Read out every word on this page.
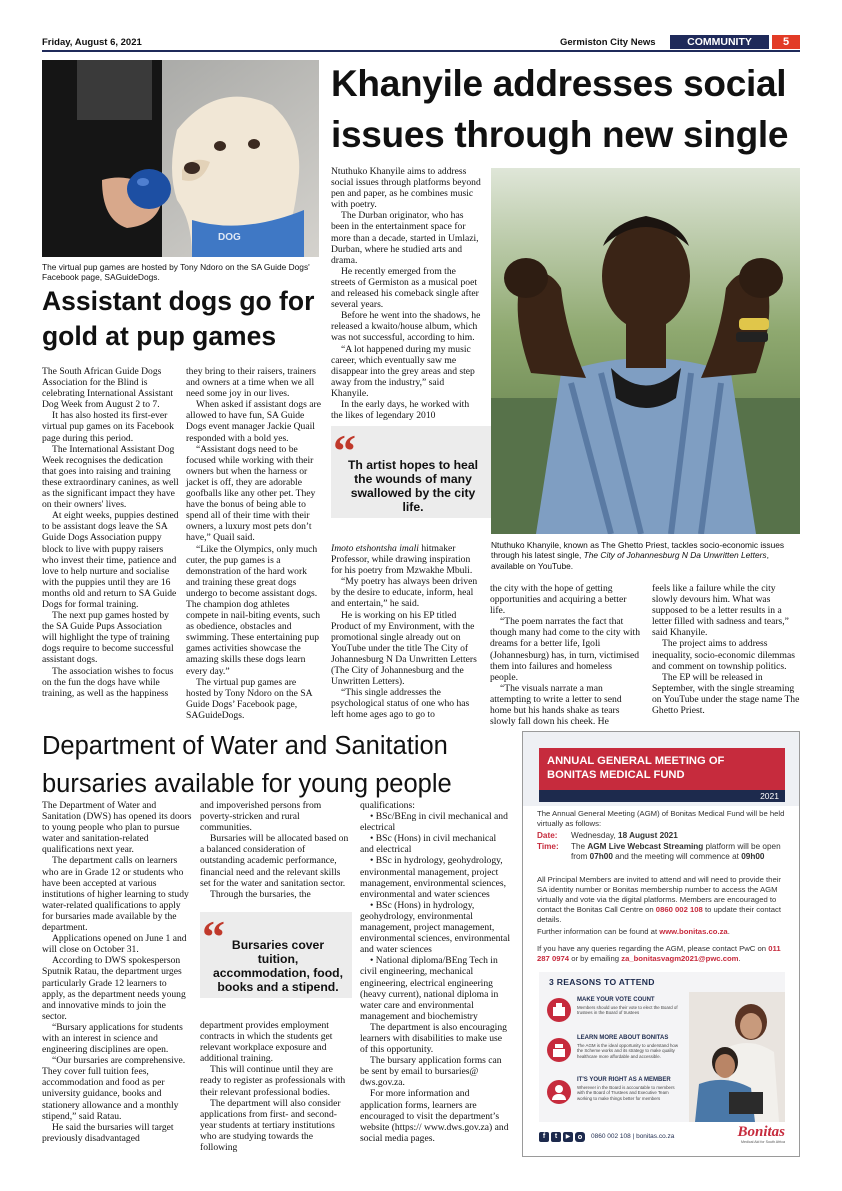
Friday, August 6, 2021	Germiston City News	COMMUNITY	5
DOG
The virtual pup games are hosted by Tony Ndoro on the SA Guide Dogs' Facebook page, SAGuideDogs.
Assistant dogs go for
gold at pup games

The South African Guide Dogs Association for the Blind is celebrating International Assistant Dog Week from August 2 to 7.

It has also hosted its first-ever virtual pup games on its Facebook page during this period.

The International Assistant Dog Week recognises the dedication that goes into raising and training these extraordinary canines, as well as the significant impact they have on their owners' lives.

At eight weeks, puppies destined to be assistant dogs leave the SA Guide Dogs Association puppy block to live with puppy raisers who invest their time, patience and love to help nurture and socialise with the puppies until they are 16 months old and return to SA Guide Dogs for formal training.

The next pup games hosted by the SA Guide Pups Association will highlight the type of training dogs require to become successful assistant dogs.

The association wishes to focus on the fun the dogs have while training, as well as the happiness

they bring to their raisers, trainers and owners at a time when we all need some joy in our lives.

When asked if assistant dogs are allowed to have fun, SA Guide Dogs event manager Jackie Quail responded with a bold yes.

“Assistant dogs need to be focused while working with their owners but when the harness or jacket is off, they are adorable goofballs like any other pet. They have the bonus of being able to spend all of their time with their owners, a luxury most pets don’t have,” Quail said.

“Like the Olympics, only much cuter, the pup games is a demonstration of the hard work and training these great dogs undergo to become assistant dogs. The champion dog athletes compete in nail-biting events, such as obedience, obstacles and swimming. These entertaining pup games activities showcase the amazing skills these dogs learn every day.”

The virtual pup games are hosted by Tony Ndoro on the SA Guide Dogs’ Facebook page, SAGuideDogs.

Khanyile addresses social
issues through new single

Ntuthuko Khanyile aims to address social issues through platforms beyond pen and paper, as he combines music with poetry.

The Durban originator, who has been in the entertainment space for more than a decade, started in Umlazi, Durban, where he studied arts and drama.

He recently emerged from the streets of Germiston as a musical poet and released his comeback single after several years.

Before he went into the shadows, he released a kwaito/house album, which was not successful, according to him.

“A lot happened during my music career, which eventually saw me disappear into the grey areas and step away from the industry,” said Khanyile.

In the early days, he worked with the likes of legendary 2010

“
Th artist hopes to heal the wounds of many swallowed by the city life.

Imoto etshontsha imali hitmaker Professor, while drawing inspiration for his poetry from Mzwakhe Mbuli.

“My poetry has always been driven by the desire to educate, inform, heal and entertain,” he said.

He is working on his EP titled Product of my Environment, with the promotional single already out on YouTube under the title The City of Johannesburg N Da Unwritten Letters (The City of Johannesburg and the Unwritten Letters).

“This single addresses the psychological status of one who has left home ages ago to go to

Ntuthuko Khanyile, known as The Ghetto Priest, tackles socio-economic issues through his latest single, The City of Johannesburg N Da Unwritten Letters, available on YouTube.

the city with the hope of getting opportunities and acquiring a better life.

“The poem narrates the fact that though many had come to the city with dreams for a better life, Igoli (Johannesburg) has, in turn, victimised them into failures and homeless people.

“The visuals narrate a man attempting to write a letter to send home but his hands shake as tears slowly fall down his cheek. He

feels like a failure while the city slowly devours him. What was supposed to be a letter results in a letter filled with sadness and tears,” said Khanyile.

The project aims to address inequality, socio-economic dilemmas and comment on township politics.

The EP will be released in September, with the single streaming on YouTube under the stage name The Ghetto Priest.

Department of Water and Sanitation
bursaries available for young people

The Department of Water and Sanitation (DWS) has opened its doors to young people who plan to pursue water and sanitation-related qualifications next year.

The department calls on learners who are in Grade 12 or students who have been accepted at various institutions of higher learning to study water-related qualifications to apply for bursaries made available by the department.

Applications opened on June 1 and will close on October 31.

According to DWS spokesperson Sputnik Ratau, the department urges particularly Grade 12 learners to apply, as the department needs young and innovative minds to join the sector.

“Bursary applications for students with an interest in science and engineering disciplines are open.

“Our bursaries are comprehensive. They cover full tuition fees, accommodation and food as per university guidance, books and stationery allowance and a monthly stipend,” said Ratau.

He said the bursaries will target previously disadvantaged

and impoverished persons from poverty-stricken and rural communities.

Bursaries will be allocated based on a balanced consideration of outstanding academic performance, financial need and the relevant skills set for the water and sanitation sector.

Through the bursaries, the

“ Bursaries cover tuition, accommodation, food, books and a stipend.

department provides employment contracts in which the students get relevant workplace exposure and additional training.

This will continue until they are ready to register as professionals with their relevant professional bodies.

The department will also consider applications from first- and second-year students at tertiary institutions who are studying towards the following

qualifications:

• BSc/BEng in civil mechanical and electrical

• BSc (Hons) in civil mechanical and electrical

• BSc in hydrology, geohydrology, environmental management, project management, environmental sciences, environmental and water sciences

• BSc (Hons) in hydrology, geohydrology, environmental management, project management, environmental sciences, environmental and water sciences

• National diploma/BEng Tech in civil engineering, mechanical engineering, electrical engineering (heavy current), national diploma in water care and environmental management and biochemistry

The department is also encouraging learners with disabilities to make use of this opportunity.

The bursary application forms can be sent by email to bursaries@ dws.gov.za.

For more information and application forms, learners are encouraged to visit the department’s website (https:// www.dws.gov.za) and social media pages.

ANNUAL GENERAL MEETING OF
BONITAS MEDICAL FUND
2021
The Annual General Meeting (AGM) of Bonitas Medical Fund will be held virtually as follows:
Date: Wednesday, 18 August 2021
Time:	The AGM Live Webcast Streaming platform will be open from 07h00 and the meeting will commence at 09h00
All Principal Members are invited to attend and will need to provide their SA identity number or Bonitas membership number to access the AGM virtually and vote via the digital platforms. Members are encouraged to contact the Bonitas Call Centre on 0860 002 108 to update their contact details.
Further information can be found at www.bonitas.co.za.
If you have any queries regarding the AGM, please contact PwC on 011 287 0974 or by emailing za_bonitasvagm2021@pwc.com.
3 REASONS TO ATTEND
MAKE YOUR VOTE COUNT
Members should use their vote to elect the Board of trustees in the Board of trustees
LEARN MORE ABOUT BONITAS
The AGM is the ideal opportunity to understand how the Scheme works and its strategy to make quality healthcare more affordable and accessible.
IT'S YOUR RIGHT AS A MEMBER
Wherever in the Board is accountable to members with the Board of Trustees and Executive Team working to make things better for members
f	t	▶	0860 002 108 | bonitas.co.za	Bonitas
Medical Aid for South Africa
